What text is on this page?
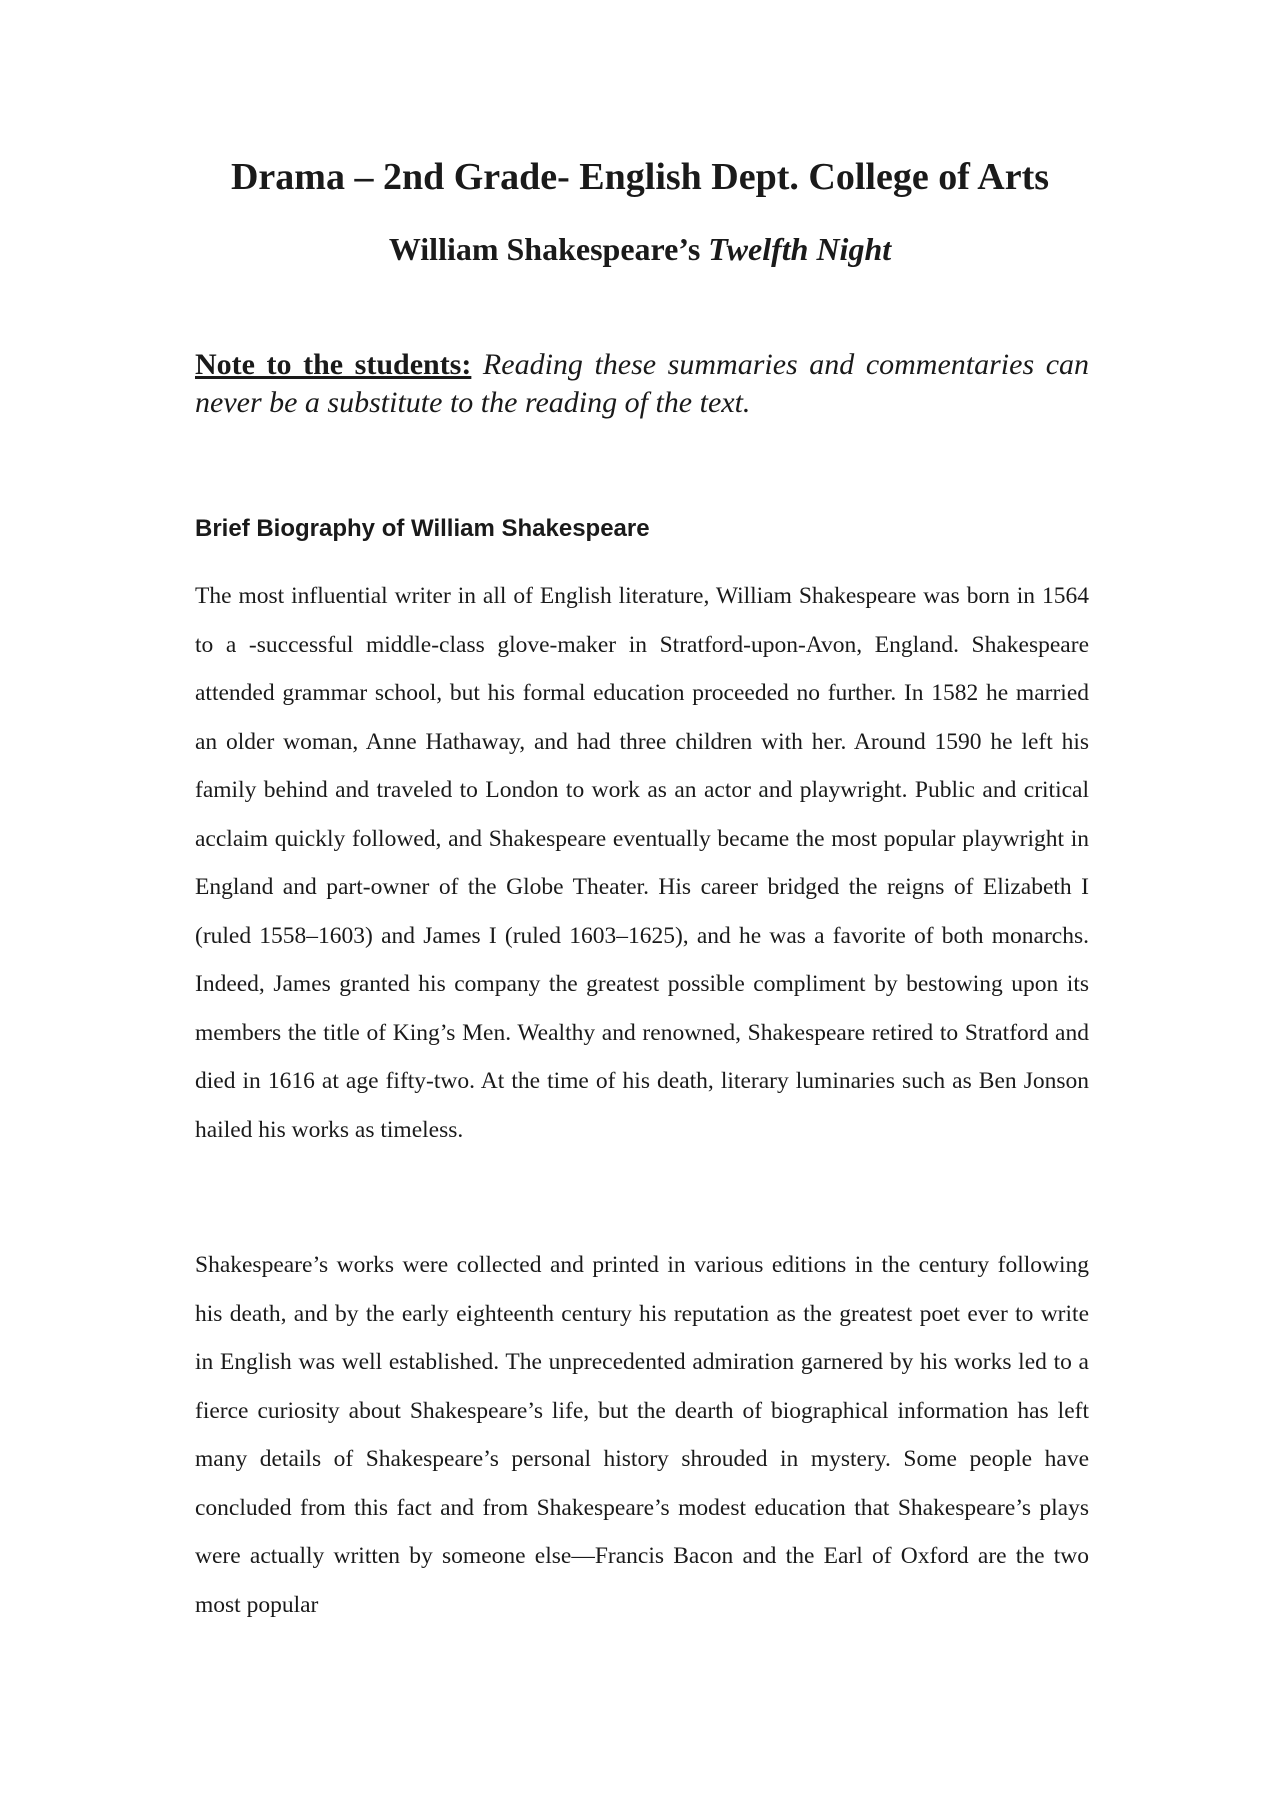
Drama – 2nd Grade- English Dept. College of Arts
William Shakespeare’s Twelfth Night

Note to the students: Reading these summaries and commentaries can never be a substitute to the reading of the text.

Brief Biography of William Shakespeare

The most influential writer in all of English literature, William Shakespeare was born in 1564 to a -successful middle-class glove-maker in Stratford-upon-Avon, England. Shakespeare attended grammar school, but his formal education proceeded no further. In 1582 he married an older woman, Anne Hathaway, and had three children with her. Around 1590 he left his family behind and traveled to London to work as an actor and playwright. Public and critical acclaim quickly followed, and Shakespeare eventually became the most popular playwright in England and part-owner of the Globe Theater. His career bridged the reigns of Elizabeth I (ruled 1558–1603) and James I (ruled 1603–1625), and he was a favorite of both monarchs. Indeed, James granted his company the greatest possible compliment by bestowing upon its members the title of King’s Men. Wealthy and renowned, Shakespeare retired to Stratford and died in 1616 at age fifty-two. At the time of his death, literary luminaries such as Ben Jonson hailed his works as timeless.

Shakespeare’s works were collected and printed in various editions in the century following his death, and by the early eighteenth century his reputation as the greatest poet ever to write in English was well established. The unprecedented admiration garnered by his works led to a fierce curiosity about Shakespeare’s life, but the dearth of biographical information has left many details of Shakespeare’s personal history shrouded in mystery. Some people have concluded from this fact and from Shakespeare’s modest education that Shakespeare’s plays were actually written by someone else—Francis Bacon and the Earl of Oxford are the two most popular
